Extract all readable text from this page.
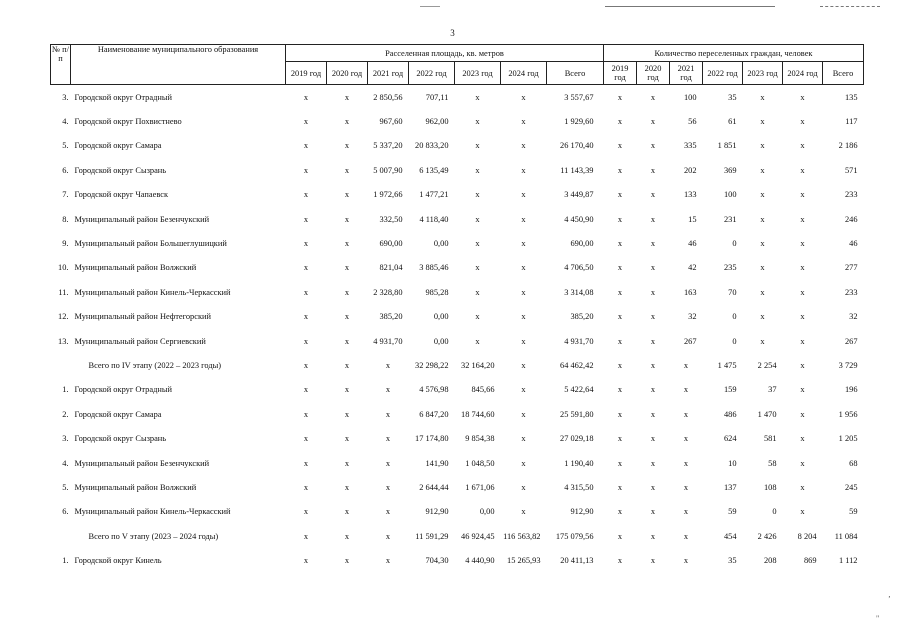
3
№ п/п	Наименование муниципального образования	Расселенная площадь, кв. метров							Количество переселенных граждан, человек						
		2019 год	2020 год	2021 год	2022 год	2023 год	2024 год	Всего	2019 год	2020 год	2021 год	2022 год	2023 год	2024 год	Всего
3.	Городской округ Отрадный	x	x	2 850,56	707,11	x	x	3 557,67	x	x	100	35	x	x	135
4.	Городской округ Похвистнево	x	x	967,60	962,00	x	x	1 929,60	x	x	56	61	x	x	117
5.	Городской округ Самара	x	x	5 337,20	20 833,20	x	x	26 170,40	x	x	335	1 851	x	x	2 186
6.	Городской округ Сызрань	x	x	5 007,90	6 135,49	x	x	11 143,39	x	x	202	369	x	x	571
7.	Городской округ Чапаевск	x	x	1 972,66	1 477,21	x	x	3 449,87	x	x	133	100	x	x	233
8.	Муниципальный район Безенчукский	x	x	332,50	4 118,40	x	x	4 450,90	x	x	15	231	x	x	246
9.	Муниципальный район Большеглушицкий	x	x	690,00	0,00	x	x	690,00	x	x	46	0	x	x	46
10.	Муниципальный район Волжский	x	x	821,04	3 885,46	x	x	4 706,50	x	x	42	235	x	x	277
11.	Муниципальный район Кинель-Черкасский	x	x	2 328,80	985,28	x	x	3 314,08	x	x	163	70	x	x	233
12.	Муниципальный район Нефтегорский	x	x	385,20	0,00	x	x	385,20	x	x	32	0	x	x	32
13.	Муниципальный район Сергиевский	x	x	4 931,70	0,00	x	x	4 931,70	x	x	267	0	x	x	267
	Всего по IV этапу (2022 – 2023 годы)	x	x	x	32 298,22	32 164,20	x	64 462,42	x	x	x	1 475	2 254	x	3 729
1.	Городской округ Отрадный	x	x	x	4 576,98	845,66	x	5 422,64	x	x	x	159	37	x	196
2.	Городской округ Самара	x	x	x	6 847,20	18 744,60	x	25 591,80	x	x	x	486	1 470	x	1 956
3.	Городской округ Сызрань	x	x	x	17 174,80	9 854,38	x	27 029,18	x	x	x	624	581	x	1 205
4.	Муниципальный район Безенчукский	x	x	x	141,90	1 048,50	x	1 190,40	x	x	x	10	58	x	68
5.	Муниципальный район Волжский	x	x	x	2 644,44	1 671,06	x	4 315,50	x	x	x	137	108	x	245
6.	Муниципальный район Кинель-Черкасский	x	x	x	912,90	0,00	x	912,90	x	x	x	59	0	x	59
	Всего по V этапу (2023 – 2024 годы)	x	x	x	11 591,29	46 924,45	116 563,82	175 079,56	x	x	x	454	2 426	8 204	11 084
1.	Городской округ Кинель	x	x	x	704,30	4 440,90	15 265,93	20 411,13	x	x	x	35	208	869	1 112
‚
"
